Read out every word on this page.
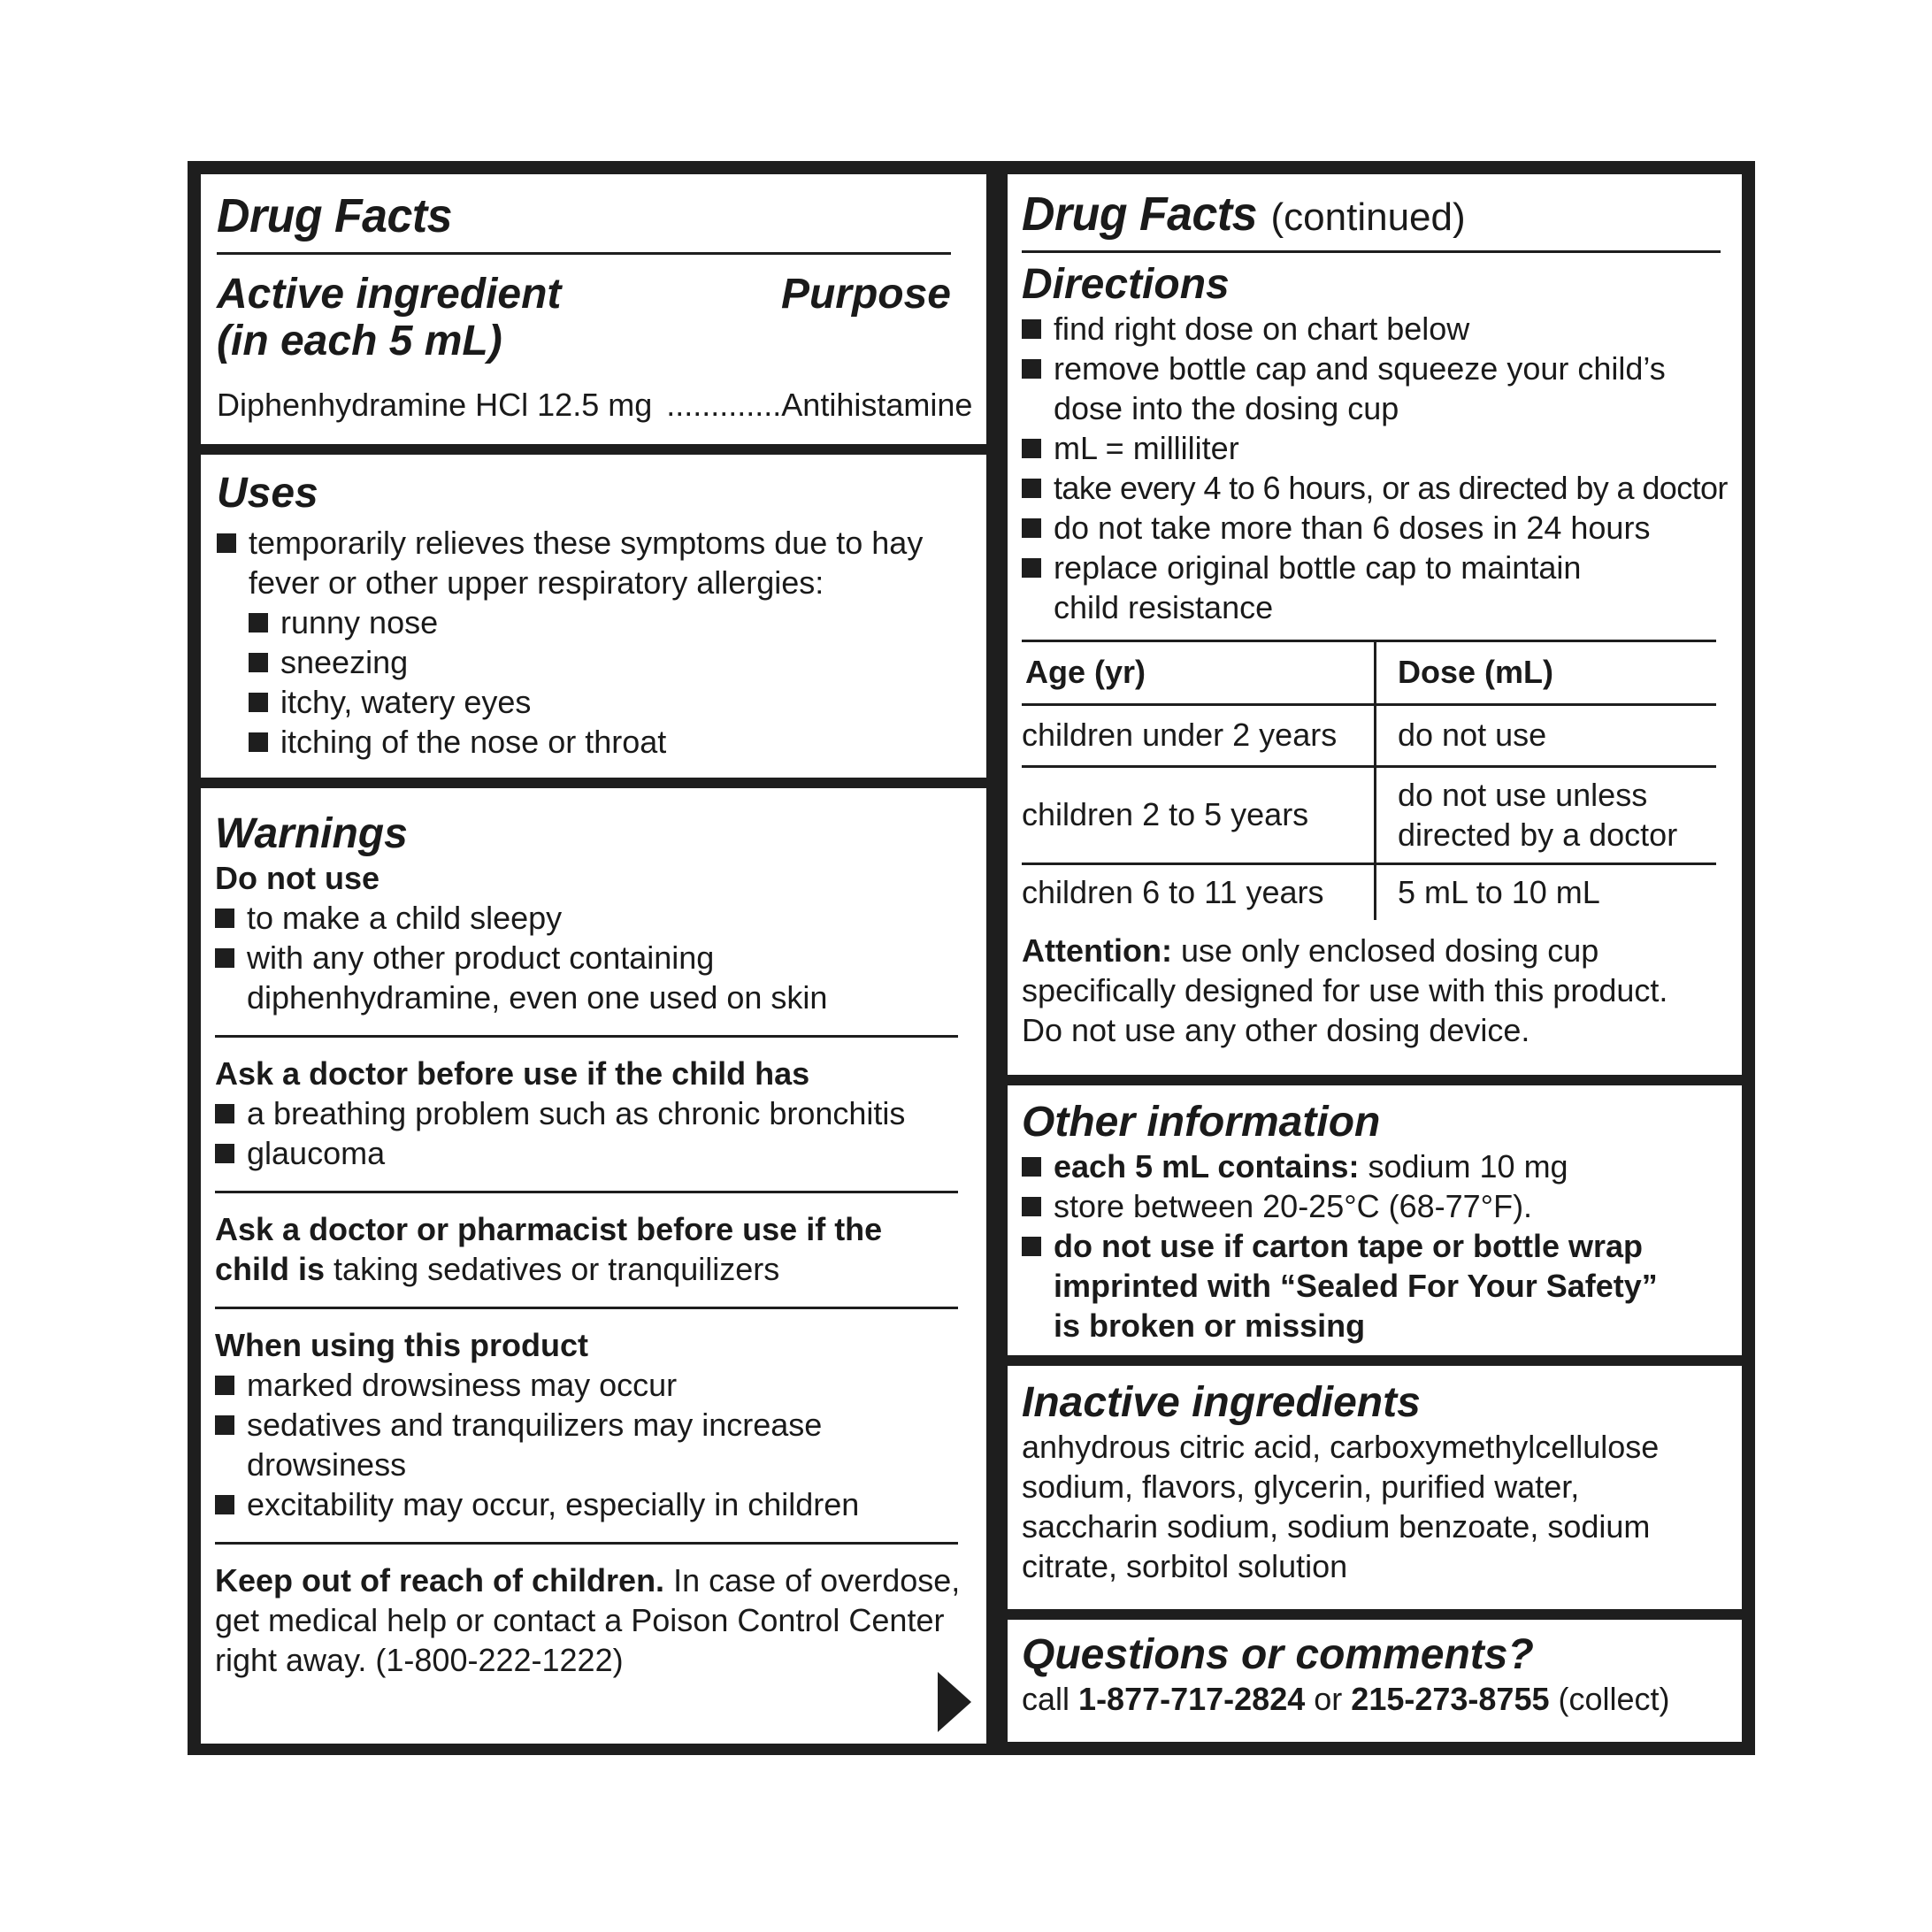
Drug Facts
Active ingredient
(in each 5 mL)
Purpose
Diphenhydramine HCl 12.5 mg .............Antihistamine
Uses
temporarily relieves these symptoms due to hay
fever or other upper respiratory allergies:
runny nose
sneezing
itchy, watery eyes
itching of the nose or throat
Warnings
Do not use
to make a child sleepy
with any other product containing
diphenhydramine, even one used on skin
Ask a doctor before use if the child has
a breathing problem such as chronic bronchitis
glaucoma
Ask a doctor or pharmacist before use if the
child is taking sedatives or tranquilizers
When using this product
marked drowsiness may occur
sedatives and tranquilizers may increase
drowsiness
excitability may occur, especially in children
Keep out of reach of children. In case of overdose,
get medical help or contact a Poison Control Center
right away. (1-800-222-1222)
Drug Facts (continued)
Directions
find right dose on chart below
remove bottle cap and squeeze your child’s
dose into the dosing cup
mL = milliliter
take every 4 to 6 hours, or as directed by a doctor
do not take more than 6 doses in 24 hours
replace original bottle cap to maintain
child resistance
Age (yr)	Dose (mL)
children under 2 years	do not use
children 2 to 5 years	do not use unless
directed by a doctor

children 6 to 11 years	5 mL to 10 mL
Attention: use only enclosed dosing cup
specifically designed for use with this product.
Do not use any other dosing device.
Other information
each 5 mL contains: sodium 10 mg
store between 20-25°C (68-77°F).
do not use if carton tape or bottle wrap
imprinted with “Sealed For Your Safety”
is broken or missing
Inactive ingredients
anhydrous citric acid, carboxymethylcellulose
sodium, flavors, glycerin, purified water,
saccharin sodium, sodium benzoate, sodium
citrate, sorbitol solution
Questions or comments?
call 1-877-717-2824 or 215-273-8755 (collect)
